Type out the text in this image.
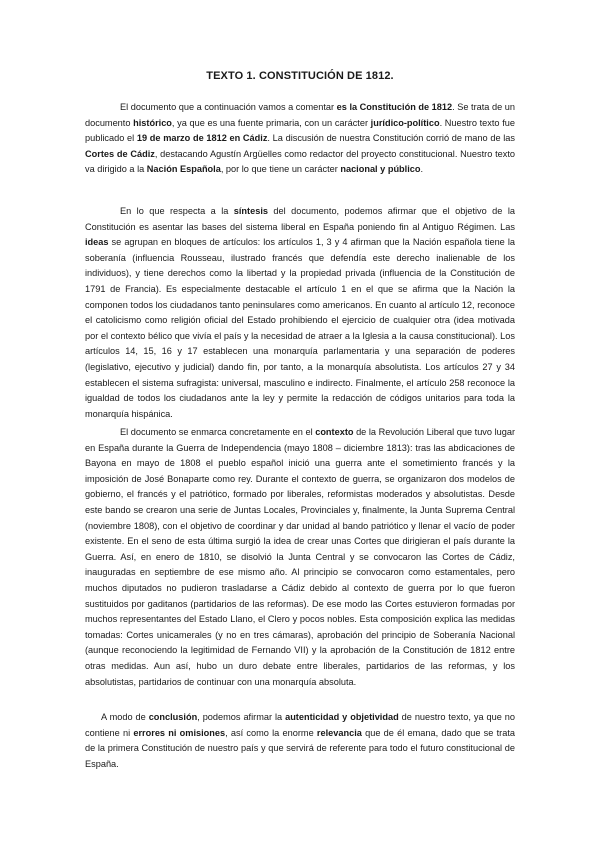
TEXTO 1. CONSTITUCIÓN DE 1812.

El documento que a continuación vamos a comentar es la Constitución de 1812. Se trata de un documento histórico, ya que es una fuente primaria, con un carácter jurídico-político. Nuestro texto fue publicado el 19 de marzo de 1812 en Cádiz. La discusión de nuestra Constitución corrió de mano de las Cortes de Cádiz, destacando Agustín Argüelles como redactor del proyecto constitucional. Nuestro texto va dirigido a la Nación Española, por lo que tiene un carácter nacional y público.

En lo que respecta a la síntesis del documento, podemos afirmar que el objetivo de la Constitución es asentar las bases del sistema liberal en España poniendo fin al Antiguo Régimen. Las ideas se agrupan en bloques de artículos: los artículos 1, 3 y 4 afirman que la Nación española tiene la soberanía (influencia Rousseau, ilustrado francés que defendía este derecho inalienable de los individuos), y tiene derechos como la libertad y la propiedad privada (influencia de la Constitución de 1791 de Francia). Es especialmente destacable el artículo 1 en el que se afirma que la Nación la componen todos los ciudadanos tanto peninsulares como americanos. En cuanto al artículo 12, reconoce el catolicismo como religión oficial del Estado prohibiendo el ejercicio de cualquier otra (idea motivada por el contexto bélico que vivía el país y la necesidad de atraer a la Iglesia a la causa constitucional). Los artículos 14, 15, 16 y 17 establecen una monarquía parlamentaria y una separación de poderes (legislativo, ejecutivo y judicial) dando fin, por tanto, a la monarquía absolutista. Los artículos 27 y 34 establecen el sistema sufragista: universal, masculino e indirecto. Finalmente, el artículo 258 reconoce la igualdad de todos los ciudadanos ante la ley y permite la redacción de códigos unitarios para toda la monarquía hispánica.

El documento se enmarca concretamente en el contexto de la Revolución Liberal que tuvo lugar en España durante la Guerra de Independencia (mayo 1808 – diciembre 1813): tras las abdicaciones de Bayona en mayo de 1808 el pueblo español inició una guerra ante el sometimiento francés y la imposición de José Bonaparte como rey. Durante el contexto de guerra, se organizaron dos modelos de gobierno, el francés y el patriótico, formado por liberales, reformistas moderados y absolutistas. Desde este bando se crearon una serie de Juntas Locales, Provinciales y, finalmente, la Junta Suprema Central (noviembre 1808), con el objetivo de coordinar y dar unidad al bando patriótico y llenar el vacío de poder existente. En el seno de esta última surgió la idea de crear unas Cortes que dirigieran el país durante la Guerra. Así, en enero de 1810, se disolvió la Junta Central y se convocaron las Cortes de Cádiz, inauguradas en septiembre de ese mismo año. Al principio se convocaron como estamentales, pero muchos diputados no pudieron trasladarse a Cádiz debido al contexto de guerra por lo que fueron sustituidos por gaditanos (partidarios de las reformas). De ese modo las Cortes estuvieron formadas por muchos representantes del Estado Llano, el Clero y pocos nobles. Esta composición explica las medidas tomadas: Cortes unicamerales (y no en tres cámaras), aprobación del principio de Soberanía Nacional (aunque reconociendo la legitimidad de Fernando VII) y la aprobación de la Constitución de 1812 entre otras medidas. Aun así, hubo un duro debate entre liberales, partidarios de las reformas, y los absolutistas, partidarios de continuar con una monarquía absoluta.

A modo de conclusión, podemos afirmar la autenticidad y objetividad de nuestro texto, ya que no contiene ni errores ni omisiones, así como la enorme relevancia que de él emana, dado que se trata de la primera Constitución de nuestro país y que servirá de referente para todo el futuro constitucional de España.
